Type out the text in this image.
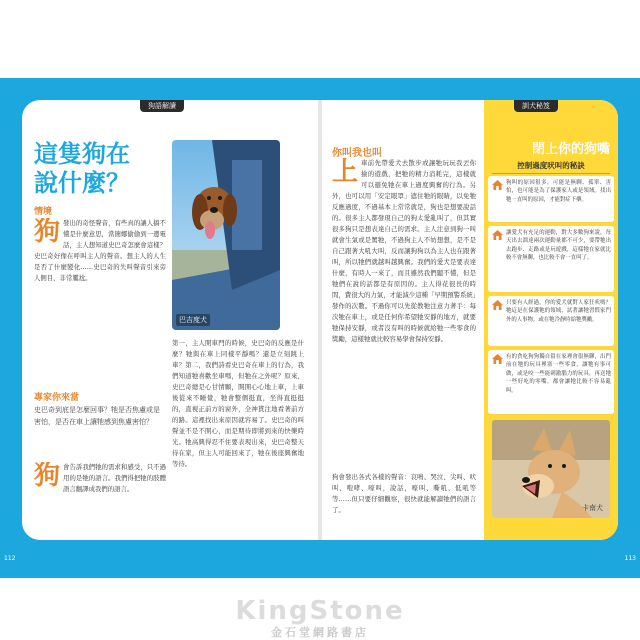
狗語解讀
這隻狗在
說什麼？
巴吉度犬
情境
狗 發出的奇怪聲音，有些真的讓人搞不懂是什麼意思，當簡娜偷偷到一邊電話，主人想知道史巴奇怎麼會這樣？史巴奇好像在呼叫主人的聲音。想主人的人生是否了什麼變化……史巴奇的失叫聲音引來旁人側目，非常尷尬。
專家你來當
史巴奇到底是怎麼回事？牠是否焦慮或是害怕，是否在車上讓牠感到焦慮害怕？
狗 會告訴我們牠的需求和感受，只不過用的是牠的語言。我們得把牠的肢體語言翻譯成我們的語言。
第一，主人開車門的時候，史巴奇的反應是什麼？牠與在車上同樣平靜嗎？還是立刻跳上車？第二，我們詩看史巴奇在車上的行為，我們知道牠喜歡坐車嗎，但牠在之外呢？原來，史巴奇總是心甘情願，開開心心地上車，上車後從來不睡覺，牠會整個挺直，坐得直挺挺的，直視正前方的窗外，全神貫注地看著前方的路。這裡找出來原因就容易了。史巴奇的叫聲並不是不開心，而是期待即將到來的快樂時光。牠高興得忍不住要表現出來，史巴奇整天待在家，但主人可能回來了，牠在後座興奮地等待。
112
你叫我也叫
上 車前先帶愛犬去散步或讓牠玩玩我丟你撿的遊戲，把牠的精力消耗完，這樣就可以避免牠在車上過度興奮的行為。另外，也可以用「安定眼罩」遮住牠的眼睛，以免牠反應過度，不過基本上常常就是，狗也是想要說話的。很多主人都發現自己的狗太愛亂叫了，但其實很多狗只是想表達自己的需求。主人注意到狗一叫就會生氣或是罵牠，不過狗主人不妨想想，是不是自己跟著大吼大叫，反而讓狗狗以為主人也在跟著叫，所以牠們就越叫越興奮。我們的愛犬是要表達什麼，有時人一來了，而且雖然我們聽不懂，但是牠們在說的話都是有原因的。主人得花很長的時間，費很大的力氣，才能減少這種「早期預警系統」發作的次數。不過你可以先從教牠注意力著手：每次牠在車上，或是任何你希望牠安靜的地方，就要牠保持安靜，或者沒有叫的時候就給牠一些零食的獎勵，這樣牠就比較容易學會保持安靜。
狗會發出各式各樣的聲音：哀鳴、哭泣、尖叫、吠叫、咆哮、嚎叫，說話，嚎叫、嘶吼、低吼等等……但只要仔細觀察，很快就能解讀牠們的語言了。
訓犬秘笈
閉上你的狗嘴
控制過度吠叫的秘訣
狗叫的原因很多，可能是無聊、孤單、害怕，也可能是為了保護家人或是領域。找出牠一直叫的原因，才能對症下藥。
讓愛犬有充足的運動，對大多數狗來說，每天出去溜達兩次運動量都不可少，要帶牠出去跑步、走路或是玩遊戲，這樣牠在家就比較不會無聊，也比較不會一直叫了。
只要有人經過，你的愛犬就對人家狂吠嗎？牠這是在保護牠的領域，試著讓牠習慣家門外的人事物，或在牠冷靜時給牠獎勵。
有的貪吃狗狗獨自留在家裡會很無聊，出門前在牠的玩具裡塞一些零食，讓牠有事可做，或是咬一些能刺激腦力的玩具，再送牠一些好吃的零嘴，都會讓牠比較不容易亂叫。
卡南犬
113
KingStone
金石堂網路書店
